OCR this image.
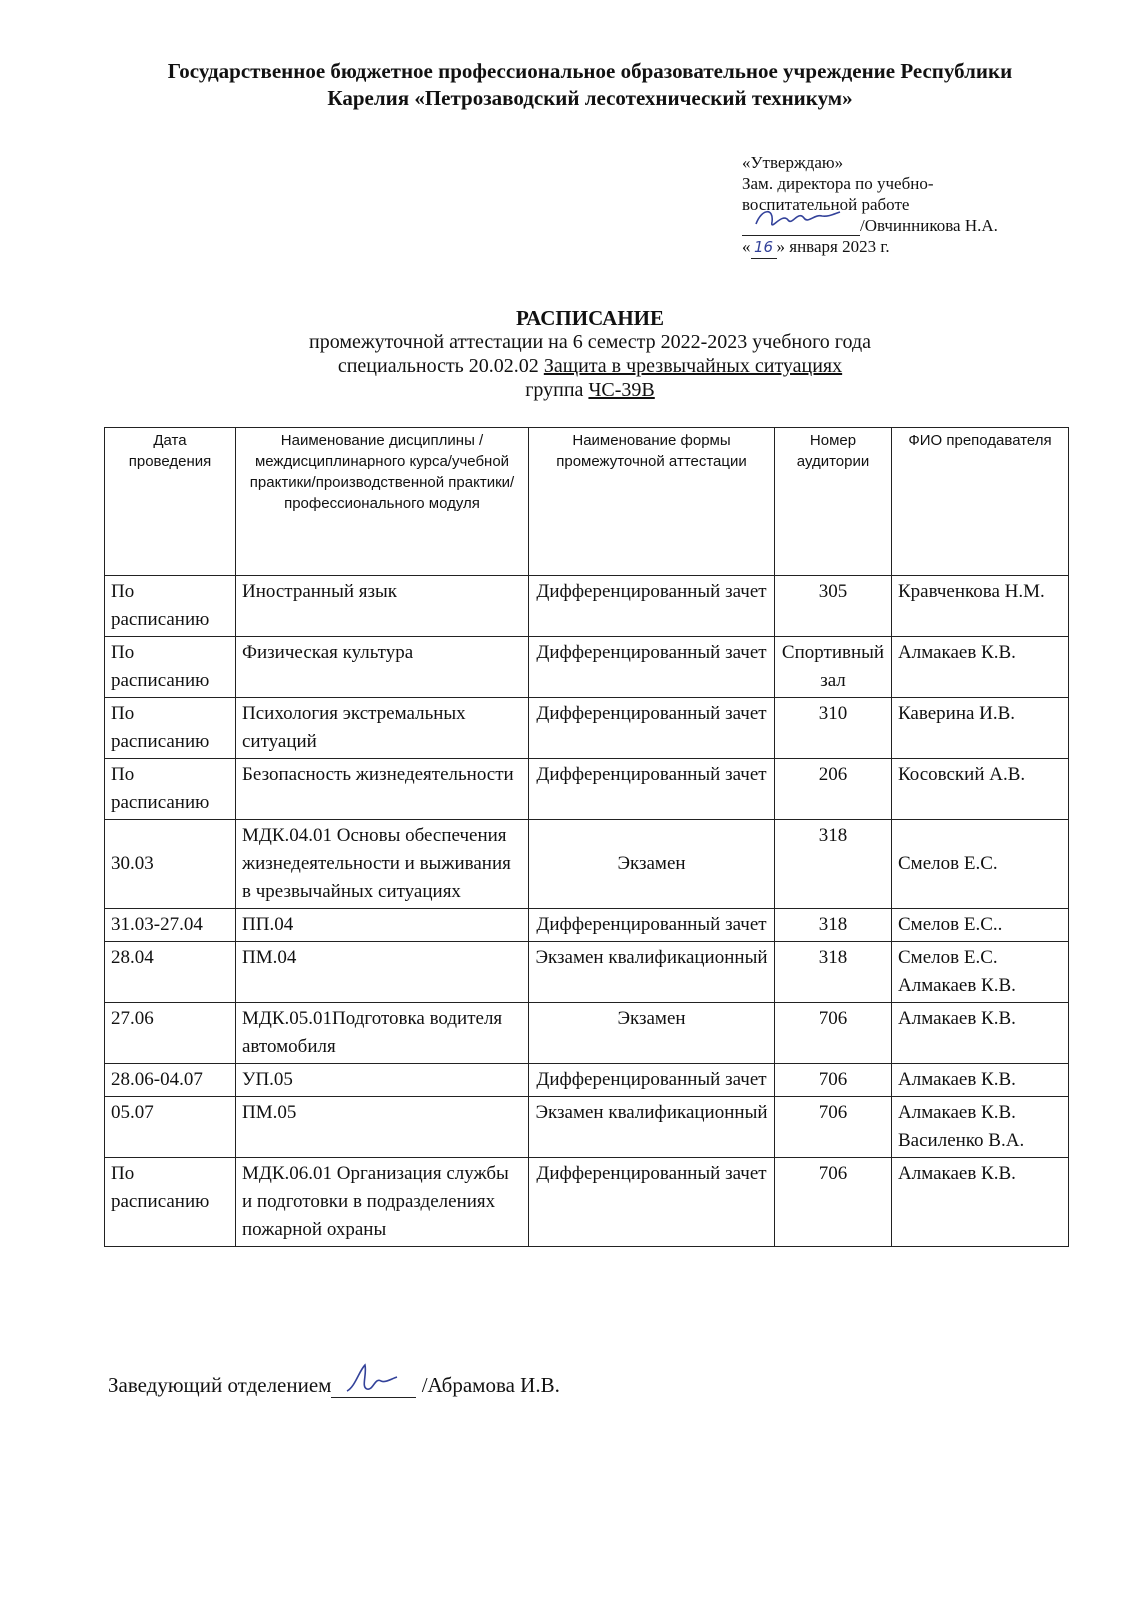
Государственное бюджетное профессиональное образовательное учреждение Республики
Карелия «Петрозаводский лесотехнический техникум»
«Утверждаю»
Зам. директора по учебно-
воспитательной работе
/Овчинникова Н.А.
« 16 » января 2023 г.
РАСПИСАНИЕ
промежуточной аттестации на 6 семестр 2022-2023 учебного года
специальность 20.02.02 Защита в чрезвычайных ситуациях
группа ЧС-39В
Дата проведения	Наименование дисциплины /междисциплинарного курса/учебной практики/производственной практики/профессионального модуля	Наименование формы промежуточной аттестации	Номер аудитории	ФИО преподавателя
По расписанию	Иностранный язык	Дифференцированный зачет	305	Кравченкова Н.М.
По расписанию	Физическая культура	Дифференцированный зачет	Спортивный зал	Алмакаев К.В.
По расписанию	Психология экстремальных ситуаций	Дифференцированный зачет	310	Каверина И.В.
По расписанию	Безопасность жизнедеятельности	Дифференцированный зачет	206	Косовский А.В.
30.03	МДК.04.01 Основы обеспечения жизнедеятельности и выживания в чрезвычайных ситуациях	Экзамен	318	Смелов Е.С.
31.03-27.04	ПП.04	Дифференцированный зачет	318	Смелов Е.С..
28.04	ПМ.04	Экзамен квалификационный	318	Смелов Е.С. Алмакаев К.В.
27.06	МДК.05.01Подготовка водителя автомобиля	Экзамен	706	Алмакаев К.В.
28.06-04.07	УП.05	Дифференцированный зачет	706	Алмакаев К.В.
05.07	ПМ.05	Экзамен квалификационный	706	Алмакаев К.В. Василенко В.А.
По расписанию	МДК.06.01 Организация службы и подготовки в подразделениях пожарной охраны	Дифференцированный зачет	706	Алмакаев К.В.
Заведующий отделением	/Абрамова И.В.
